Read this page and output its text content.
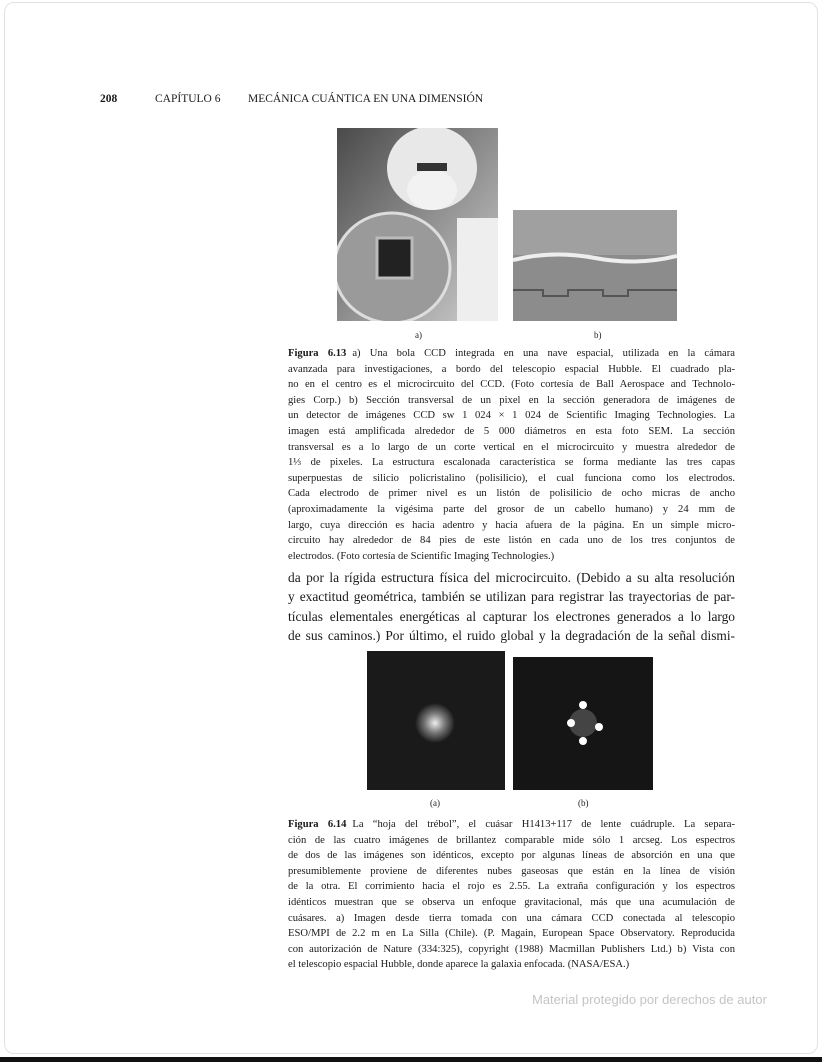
208	CAPÍTULO 6 MECÁNICA CUÁNTICA EN UNA DIMENSIÓN
a)	b)
Figura 6.13 a) Una bola CCD integrada en una nave espacial, utilizada en la cámara
avanzada para investigaciones, a bordo del telescopio espacial Hubble. El cuadrado pla-
no en el centro es el microcircuito del CCD. (Foto cortesía de Ball Aerospace and Technolo-
gies Corp.) b) Sección transversal de un pixel en la sección generadora de imágenes de
un detector de imágenes CCD sw 1 024 × 1 024 de Scientific Imaging Technologies. La
imagen está amplificada alrededor de 5 000 diámetros en esta foto SEM. La sección
transversal es a lo largo de un corte vertical en el microcircuito y muestra alrededor de
1⅓ de pixeles. La estructura escalonada característica se forma mediante las tres capas
superpuestas de silicio policristalino (polisilicio), el cual funciona como los electrodos.
Cada electrodo de primer nivel es un listón de polisilicio de ocho micras de ancho
(aproximadamente la vigésima parte del grosor de un cabello humano) y 24 mm de
largo, cuya dirección es hacia adentro y hacia afuera de la página. En un simple micro-
circuito hay alrededor de 84 pies de este listón en cada uno de los tres conjuntos de
electrodos. (Foto cortesía de Scientific Imaging Technologies.)
da por la rígida estructura física del microcircuito. (Debido a su alta resolución
y exactitud geométrica, también se utilizan para registrar las trayectorias de par-
tículas elementales energéticas al capturar los electrones generados a lo largo
de sus caminos.) Por último, el ruido global y la degradación de la señal dismi-
(a)	(b)
Figura 6.14 La “hoja del trébol”, el cuásar H1413+117 de lente cuádruple. La separa-
ción de las cuatro imágenes de brillantez comparable mide sólo 1 arcseg. Los espectros
de dos de las imágenes son idénticos, excepto por algunas líneas de absorción en una que
presumiblemente proviene de diferentes nubes gaseosas que están en la línea de visión
de la otra. El corrimiento hacia el rojo es 2.55. La extraña configuración y los espectros
idénticos muestran que se observa un enfoque gravitacional, más que una acumulación de
cuásares. a) Imagen desde tierra tomada con una cámara CCD conectada al telescopio
ESO/MPI de 2.2 m en La Silla (Chile). (P. Magain, European Space Observatory. Reproducida
con autorización de Nature (334:325), copyright (1988) Macmillan Publishers Ltd.) b) Vista con
el telescopio espacial Hubble, donde aparece la galaxia enfocada. (NASA/ESA.)
Material protegido por derechos de autor
